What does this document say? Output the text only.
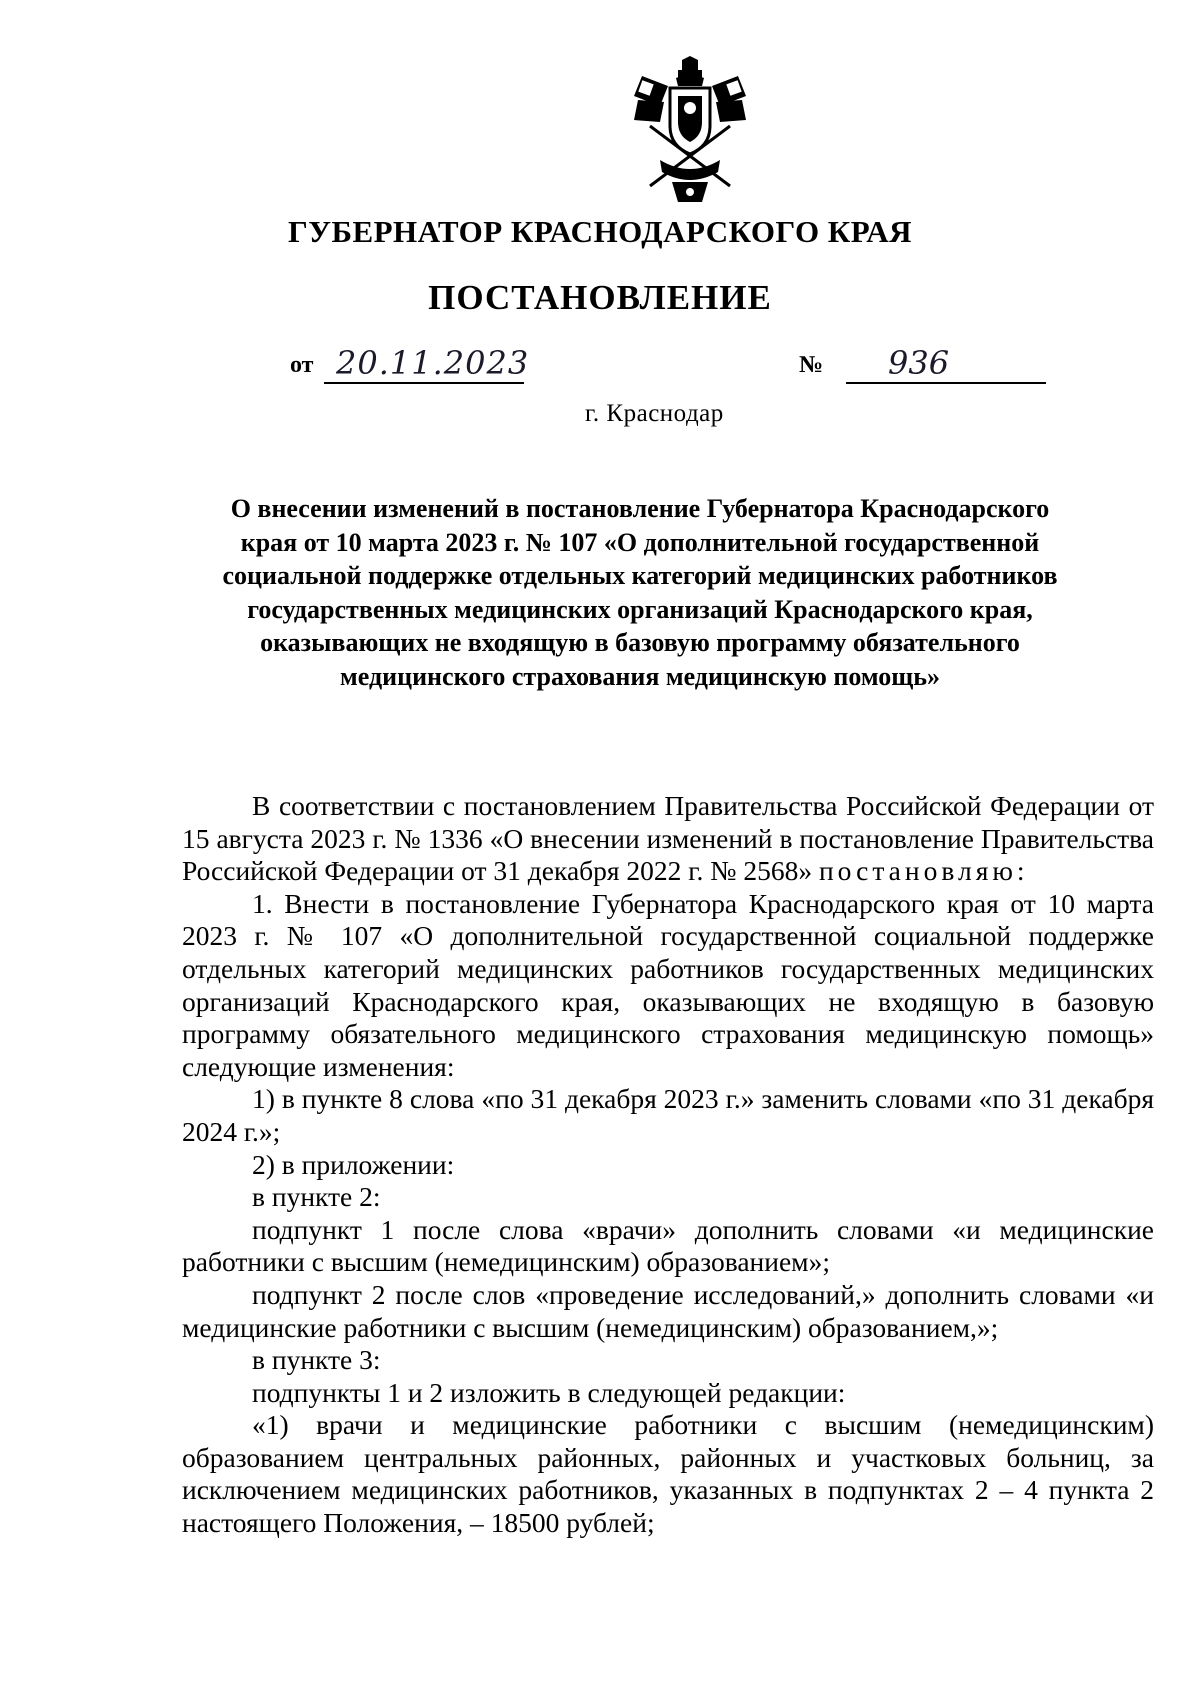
ГУБЕРНАТОР КРАСНОДАРСКОГО КРАЯ
ПОСТАНОВЛЕНИЕ
от 20.11.2023	№ 936
г. Краснодар
О внесении изменений в постановление Губернатора Краснодарского края от 10 марта 2023 г. № 107 «О дополнительной государственной социальной поддержке отдельных категорий медицинских работников государственных медицинских организаций Краснодарского края, оказывающих не входящую в базовую программу обязательного медицинского страхования медицинскую помощь»

В соответствии с постановлением Правительства Российской Федерации от 15 августа 2023 г. № 1336 «О внесении изменений в постановление Правительства Российской Федерации от 31 декабря 2022 г. № 2568» постановляю:

1. Внести в постановление Губернатора Краснодарского края от 10 марта 2023 г. № 107 «О дополнительной государственной социальной поддержке отдельных категорий медицинских работников государственных медицинских организаций Краснодарского края, оказывающих не входящую в базовую программу обязательного медицинского страхования медицинскую помощь» следующие изменения:

1) в пункте 8 слова «по 31 декабря 2023 г.» заменить словами «по 31 декабря 2024 г.»;

2) в приложении:

в пункте 2:

подпункт 1 после слова «врачи» дополнить словами «и медицинские работники с высшим (немедицинским) образованием»;

подпункт 2 после слов «проведение исследований,» дополнить словами «и медицинские работники с высшим (немедицинским) образованием,»;

в пункте 3:

подпункты 1 и 2 изложить в следующей редакции:

«1) врачи и медицинские работники с высшим (немедицинским) образованием центральных районных, районных и участковых больниц, за исключением медицинских работников, указанных в подпунктах 2 – 4 пункта 2 настоящего Положения, – 18500 рублей;
